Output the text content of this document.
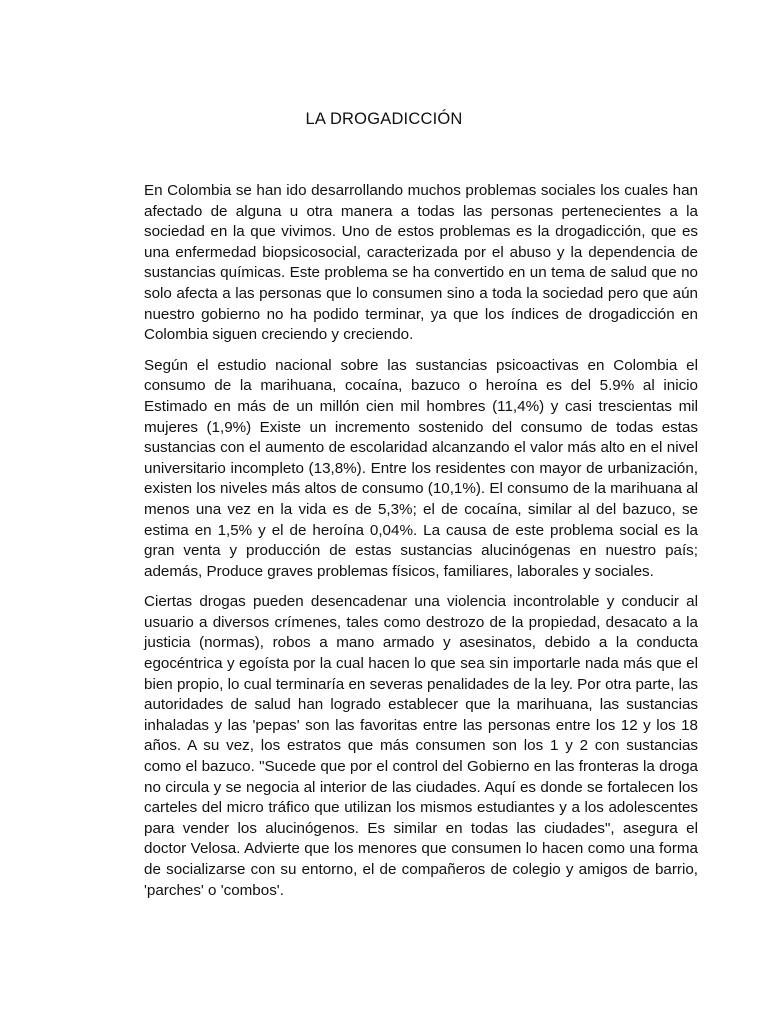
LA DROGADICCIÓN

En Colombia se han ido desarrollando muchos problemas sociales los cuales han afectado de alguna u otra manera a todas las personas pertenecientes a la sociedad en la que vivimos. Uno de estos problemas es la drogadicción, que es una enfermedad biopsicosocial, caracterizada por el abuso y la dependencia de sustancias químicas. Este problema se ha convertido en un tema de salud que no solo afecta a las personas que lo consumen sino a toda la sociedad pero que aún nuestro gobierno no ha podido terminar, ya que los índices de drogadicción en Colombia siguen creciendo y creciendo.

Según el estudio nacional sobre las sustancias psicoactivas en Colombia el consumo de la marihuana, cocaína, bazuco o heroína es del 5.9% al inicio Estimado en más de un millón cien mil hombres (11,4%) y casi trescientas mil mujeres (1,9%) Existe un incremento sostenido del consumo de todas estas sustancias con el aumento de escolaridad alcanzando el valor más alto en el nivel universitario incompleto (13,8%). Entre los residentes con mayor de urbanización, existen los niveles más altos de consumo (10,1%). El consumo de la marihuana al menos una vez en la vida es de 5,3%; el de cocaína, similar al del bazuco, se estima en 1,5% y el de heroína 0,04%. La causa de este problema social es la gran venta y producción de estas sustancias alucinógenas en nuestro país; además, Produce graves problemas físicos, familiares, laborales y sociales.

Ciertas drogas pueden desencadenar una violencia incontrolable y conducir al usuario a diversos crímenes, tales como destrozo de la propiedad, desacato a la justicia (normas), robos a mano armado y asesinatos, debido a la conducta egocéntrica y egoísta por la cual hacen lo que sea sin importarle nada más que el bien propio, lo cual terminaría en severas penalidades de la ley. Por otra parte, las autoridades de salud han logrado establecer que la marihuana, las sustancias inhaladas y las 'pepas' son las favoritas entre las personas entre los 12 y los 18 años. A su vez, los estratos que más consumen son los 1 y 2 con sustancias como el bazuco. "Sucede que por el control del Gobierno en las fronteras la droga no circula y se negocia al interior de las ciudades. Aquí es donde se fortalecen los carteles del micro tráfico que utilizan los mismos estudiantes y a los adolescentes para vender los alucinógenos. Es similar en todas las ciudades", asegura el doctor Velosa. Advierte que los menores que consumen lo hacen como una forma de socializarse con su entorno, el de compañeros de colegio y amigos de barrio, 'parches' o 'combos'.
